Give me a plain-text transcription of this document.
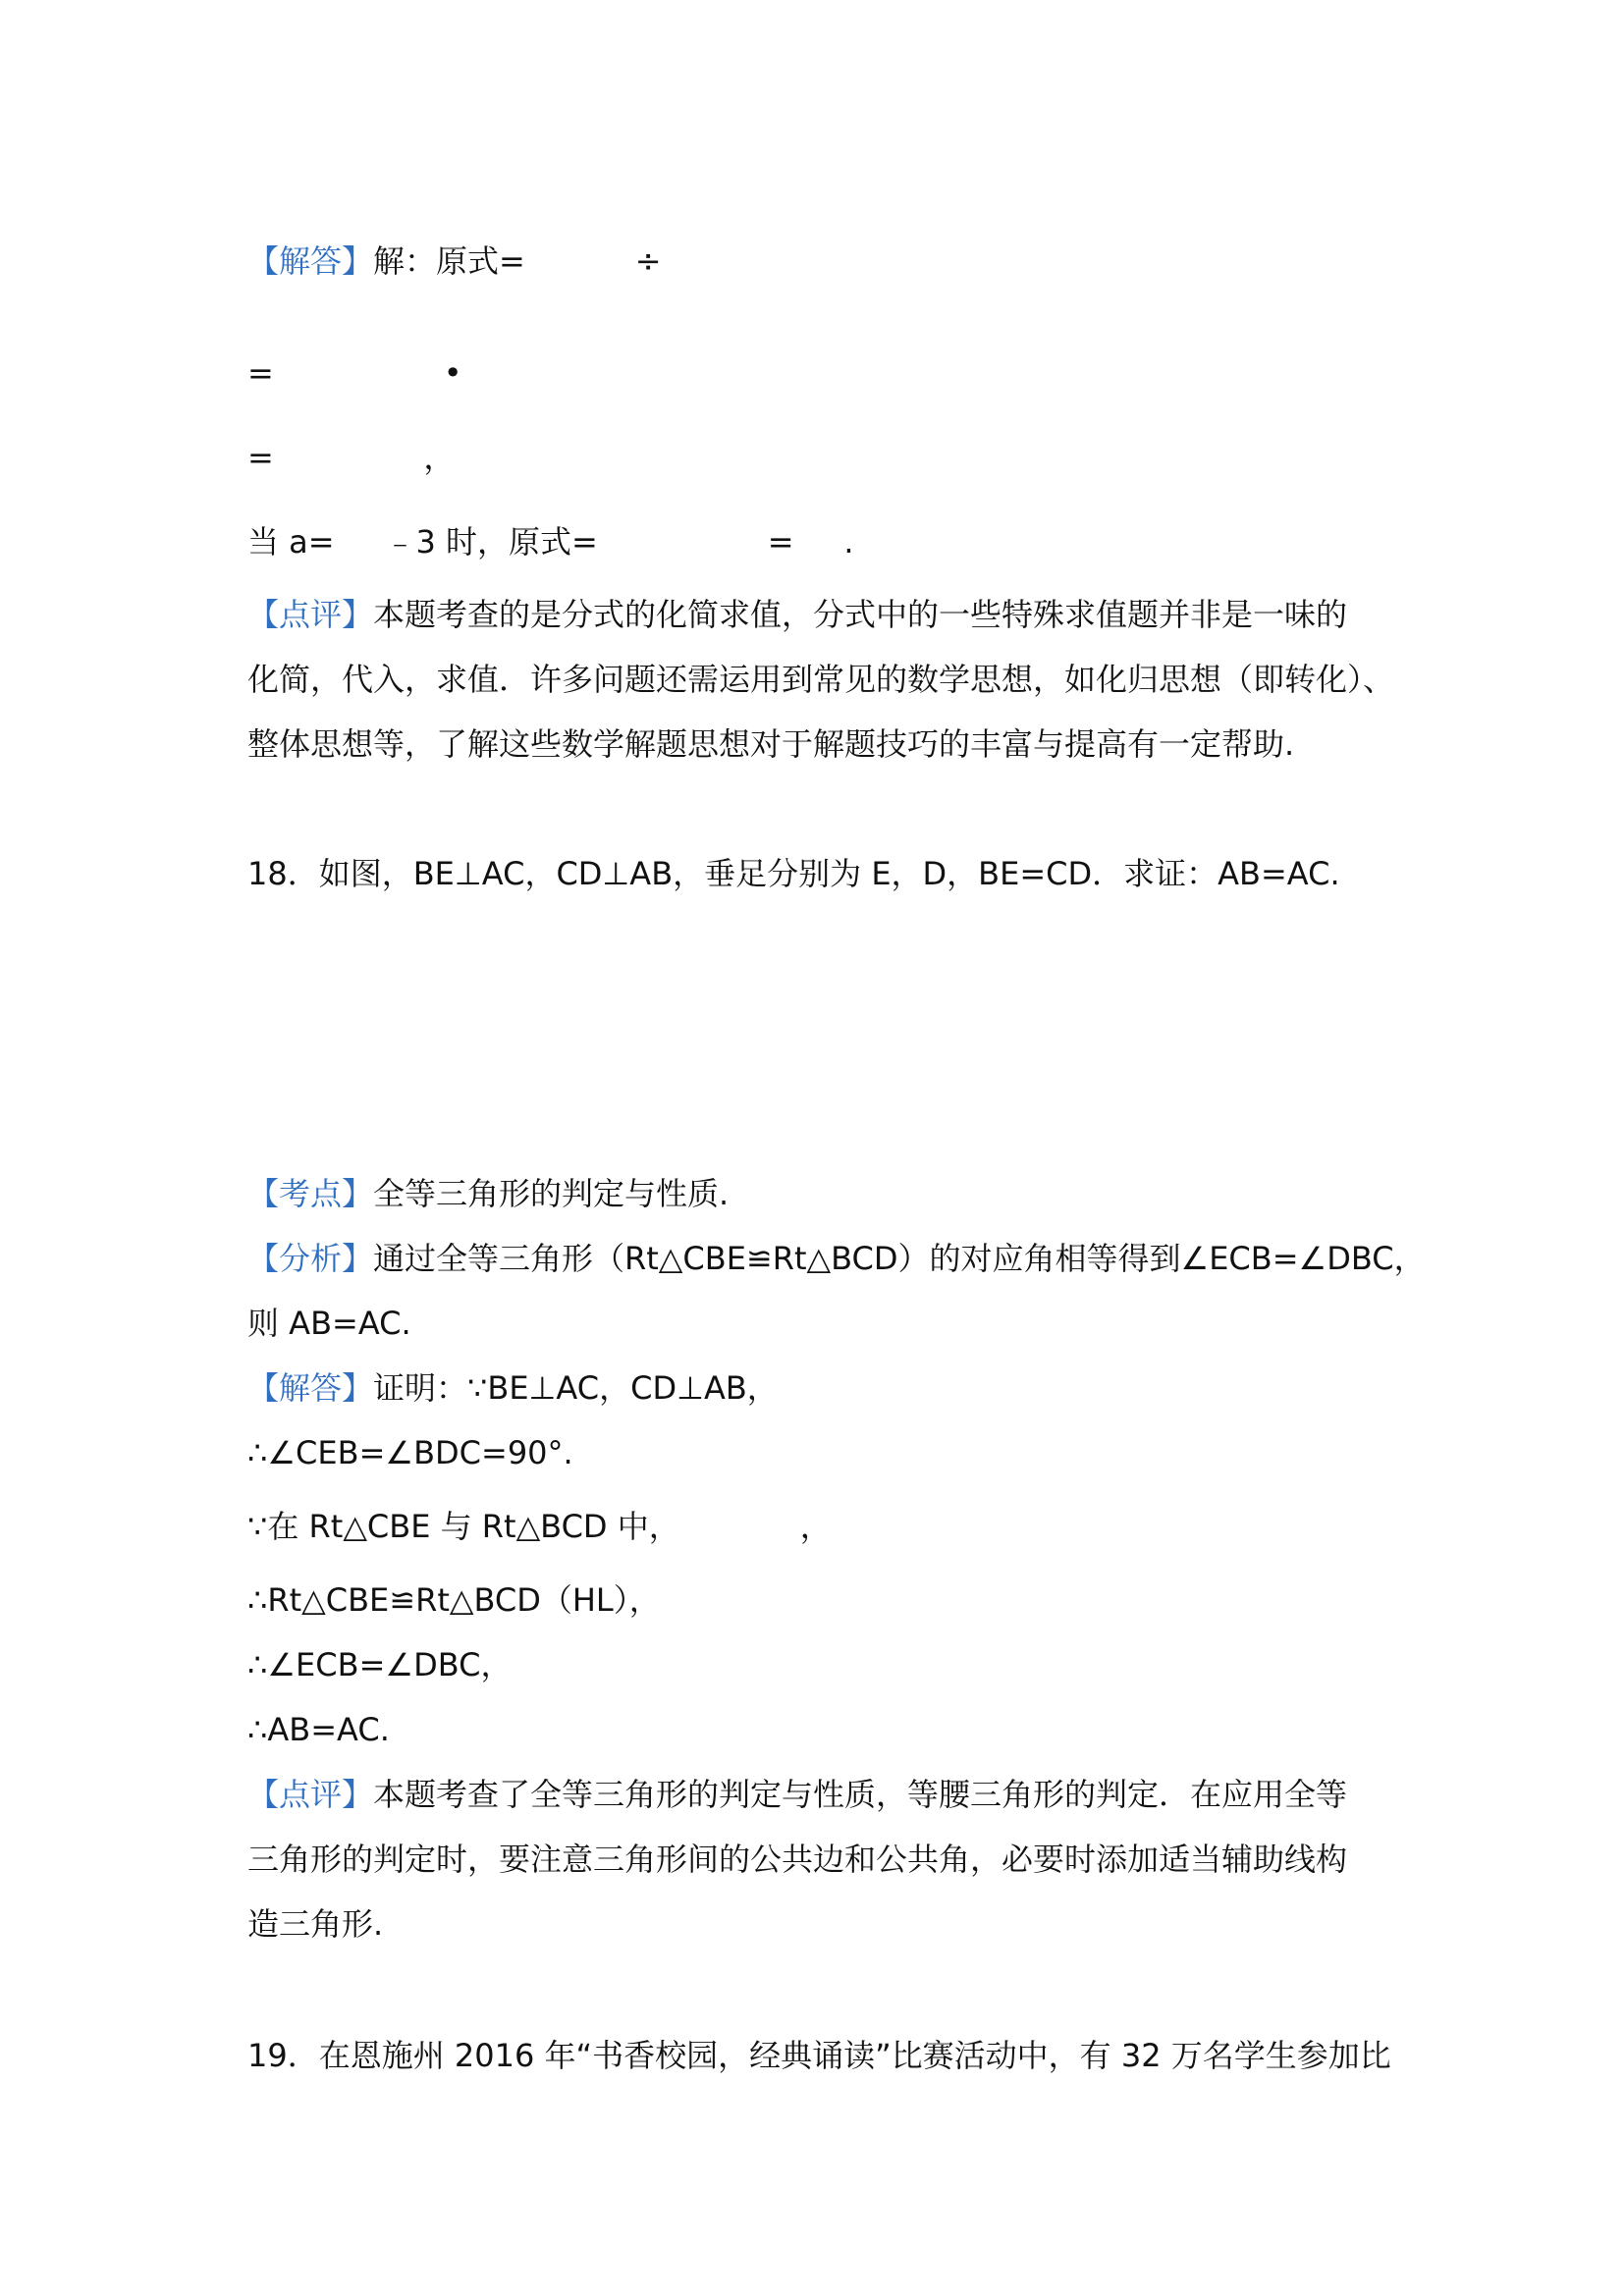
【解答】解：原式=           ÷
=                 •
=               ，
当 a=     ﹣3 时，原式=                 =     .
【点评】本题考查的是分式的化简求值，分式中的一些特殊求值题并非是一味的
化简，代入，求值．许多问题还需运用到常见的数学思想，如化归思想（即转化）、
整体思想等，了解这些数学解题思想对于解题技巧的丰富与提高有一定帮助.
18．如图，BE⊥AC，CD⊥AB，垂足分别为 E，D，BE=CD．求证：AB=AC.
【考点】全等三角形的判定与性质.
【分析】通过全等三角形（Rt△CBE≌Rt△BCD）的对应角相等得到∠ECB=∠DBC，
则 AB=AC.
【解答】证明：∵BE⊥AC，CD⊥AB，
∴∠CEB=∠BDC=90°.
∵在 Rt△CBE 与 Rt△BCD 中，            ，
∴Rt△CBE≌Rt△BCD（HL），
∴∠ECB=∠DBC，
∴AB=AC.
【点评】本题考查了全等三角形的判定与性质，等腰三角形的判定．在应用全等
三角形的判定时，要注意三角形间的公共边和公共角，必要时添加适当辅助线构
造三角形.
19．在恩施州 2016 年“书香校园，经典诵读”比赛活动中，有 32 万名学生参加比
